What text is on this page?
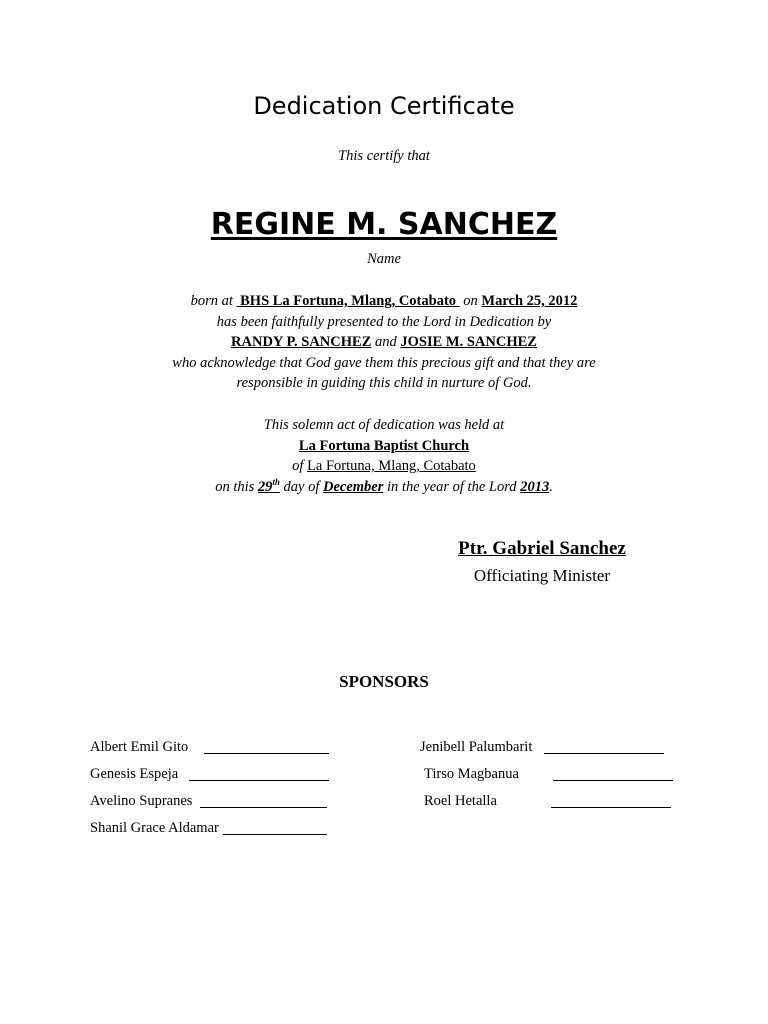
Dedication Certificate
This certify that
REGINE M. SANCHEZ
Name

born at BHS La Fortuna, Mlang, Cotabato on March 25, 2012

has been faithfully presented to the Lord in Dedication by

RANDY P. SANCHEZ and JOSIE M. SANCHEZ

who acknowledge that God gave them this precious gift and that they are

responsible in guiding this child in nurture of God.

This solemn act of dedication was held at

La Fortuna Baptist Church

of La Fortuna, Mlang, Cotabato

on this 29th day of December in the year of the Lord 2013.

Ptr. Gabriel Sanchez
Officiating Minister
SPONSORS
Albert Emil Gito
Genesis Espeja
Avelino Supranes
Shanil Grace Aldamar
Jenibell Palumbarit
Tirso Magbanua
Roel Hetalla
